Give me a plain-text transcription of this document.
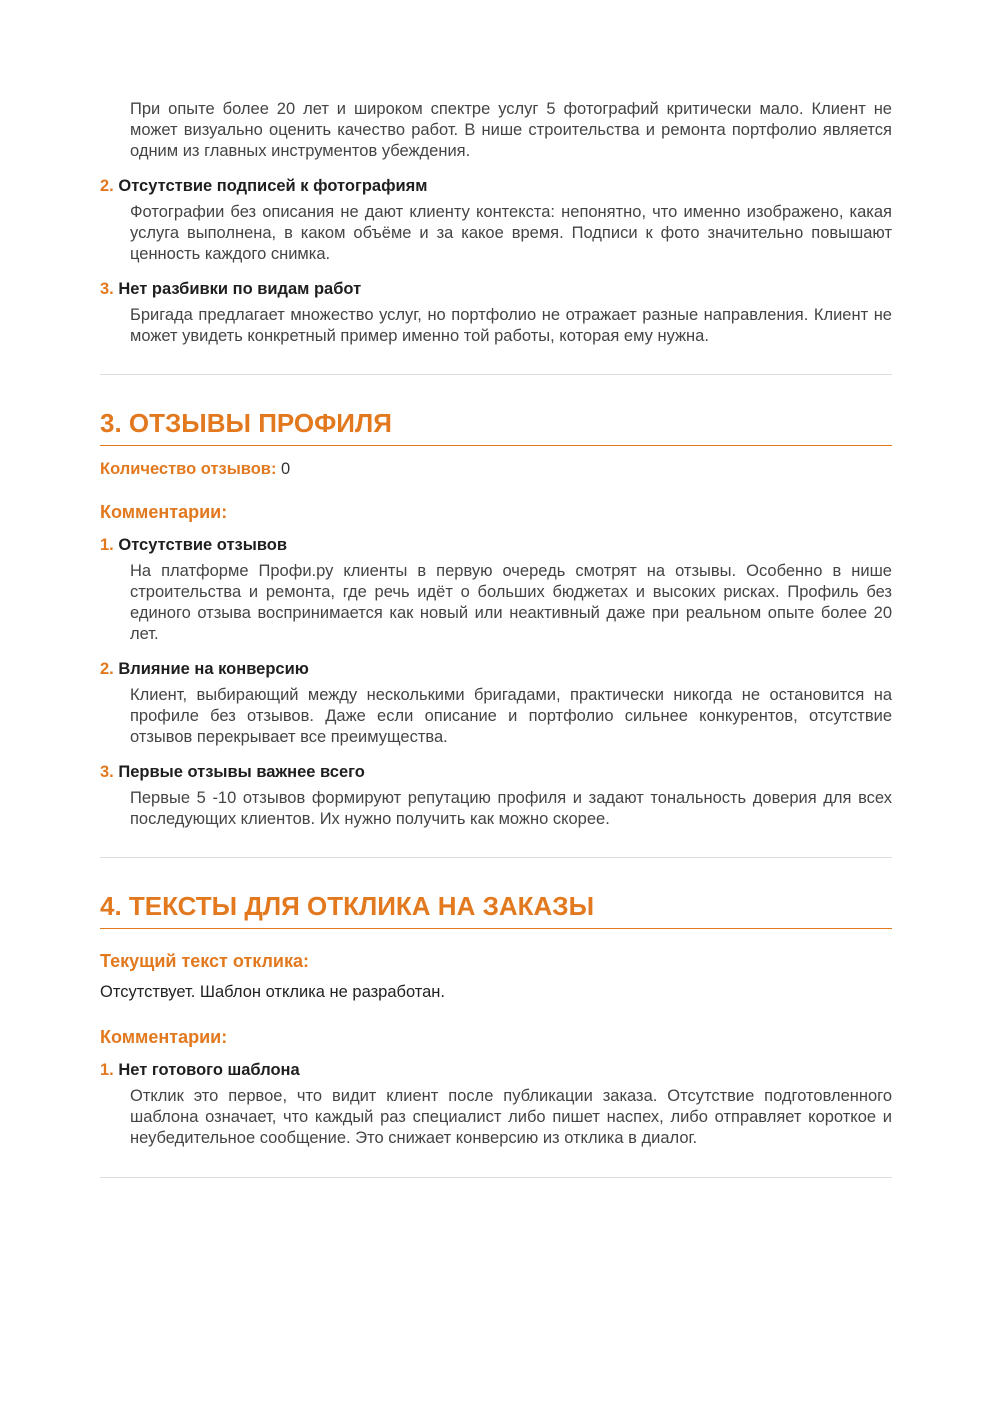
При опыте более 20 лет и широком спектре услуг 5 фотографий критически мало. Клиент не может визуально оценить качество работ. В нише строительства и ремонта портфолио является одним из главных инструментов убеждения.
2. Отсутствие подписей к фотографиям
Фотографии без описания не дают клиенту контекста: непонятно, что именно изображено, какая услуга выполнена, в каком объёме и за какое время. Подписи к фото значительно повышают ценность каждого снимка.
3. Нет разбивки по видам работ
Бригада предлагает множество услуг, но портфолио не отражает разные направления. Клиент не может увидеть конкретный пример именно той работы, которая ему нужна.
3. ОТЗЫВЫ ПРОФИЛЯ
Количество отзывов: 0
Комментарии:
1. Отсутствие отзывов
На платформе Профи.ру клиенты в первую очередь смотрят на отзывы. Особенно в нише строительства и ремонта, где речь идёт о больших бюджетах и высоких рисках. Профиль без единого отзыва воспринимается как новый или неактивный даже при реальном опыте более 20 лет.
2. Влияние на конверсию
Клиент, выбирающий между несколькими бригадами, практически никогда не остановится на профиле без отзывов. Даже если описание и портфолио сильнее конкурентов, отсутствие отзывов перекрывает все преимущества.
3. Первые отзывы важнее всего
Первые 5 -10 отзывов формируют репутацию профиля и задают тональность доверия для всех последующих клиентов. Их нужно получить как можно скорее.
4. ТЕКСТЫ ДЛЯ ОТКЛИКА НА ЗАКАЗЫ
Текущий текст отклика:
Отсутствует. Шаблон отклика не разработан.
Комментарии:
1. Нет готового шаблона
Отклик это первое, что видит клиент после публикации заказа. Отсутствие подготовленного шаблона означает, что каждый раз специалист либо пишет наспех, либо отправляет короткое и неубедительное сообщение. Это снижает конверсию из отклика в диалог.
